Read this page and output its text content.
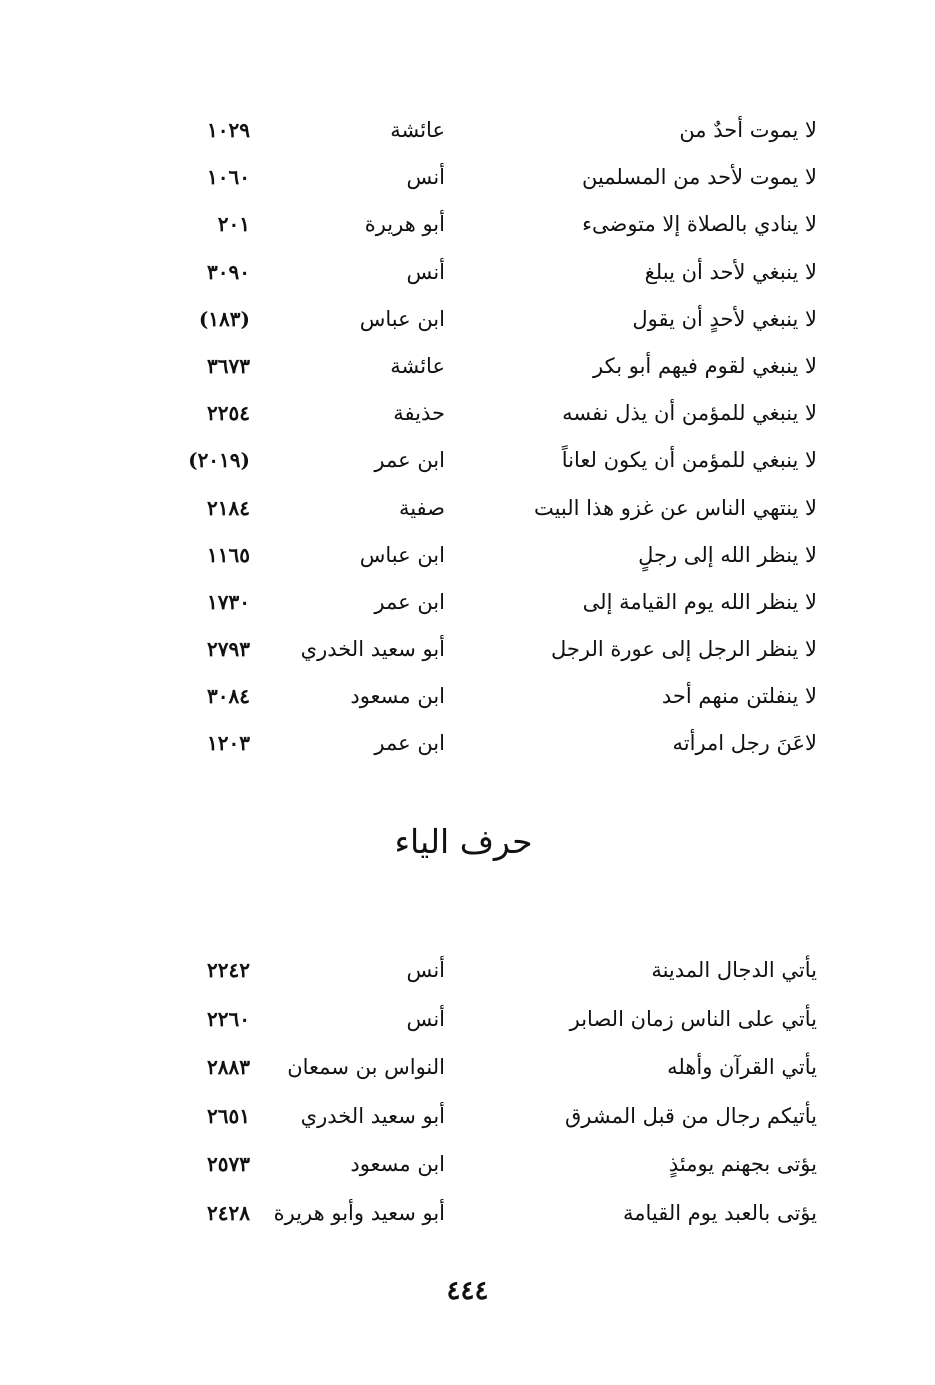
لا يموت أحدٌ من
عائشة
١٠٢٩
لا يموت لأحد من المسلمين
أنس
١٠٦٠
لا ينادي بالصلاة إلا متوضىء
أبو هريرة
٢٠١
لا ينبغي لأحد أن يبلغ
أنس
٣٠٩٠
لا ينبغي لأحدٍ أن يقول
ابن عباس
(١٨٣)
لا ينبغي لقوم فيهم أبو بكر
عائشة
٣٦٧٣
لا ينبغي للمؤمن أن يذل نفسه
حذيفة
٢٢٥٤
لا ينبغي للمؤمن أن يكون لعاناً
ابن عمر
(٢٠١٩)
لا ينتهي الناس عن غزو هذا البيت
صفية
٢١٨٤
لا ينظر الله إلى رجلٍ
ابن عباس
١١٦٥
لا ينظر الله يوم القيامة إلى
ابن عمر
١٧٣٠
لا ينظر الرجل إلى عورة الرجل
أبو سعيد الخدري
٢٧٩٣
لا ينفلتن منهم أحد
ابن مسعود
٣٠٨٤
لاعَنَ رجل امرأته
ابن عمر
١٢٠٣
حرف الياء
يأتي الدجال المدينة
أنس
٢٢٤٢
يأتي على الناس زمان الصابر
أنس
٢٢٦٠
يأتي القرآن وأهله
النواس بن سمعان
٢٨٨٣
يأتيكم رجال من قبل المشرق
أبو سعيد الخدري
٢٦٥١
يؤتى بجهنم يومئذٍ
ابن مسعود
٢٥٧٣
يؤتى بالعبد يوم القيامة
أبو سعيد وأبو هريرة
٢٤٢٨
٤٤٤
